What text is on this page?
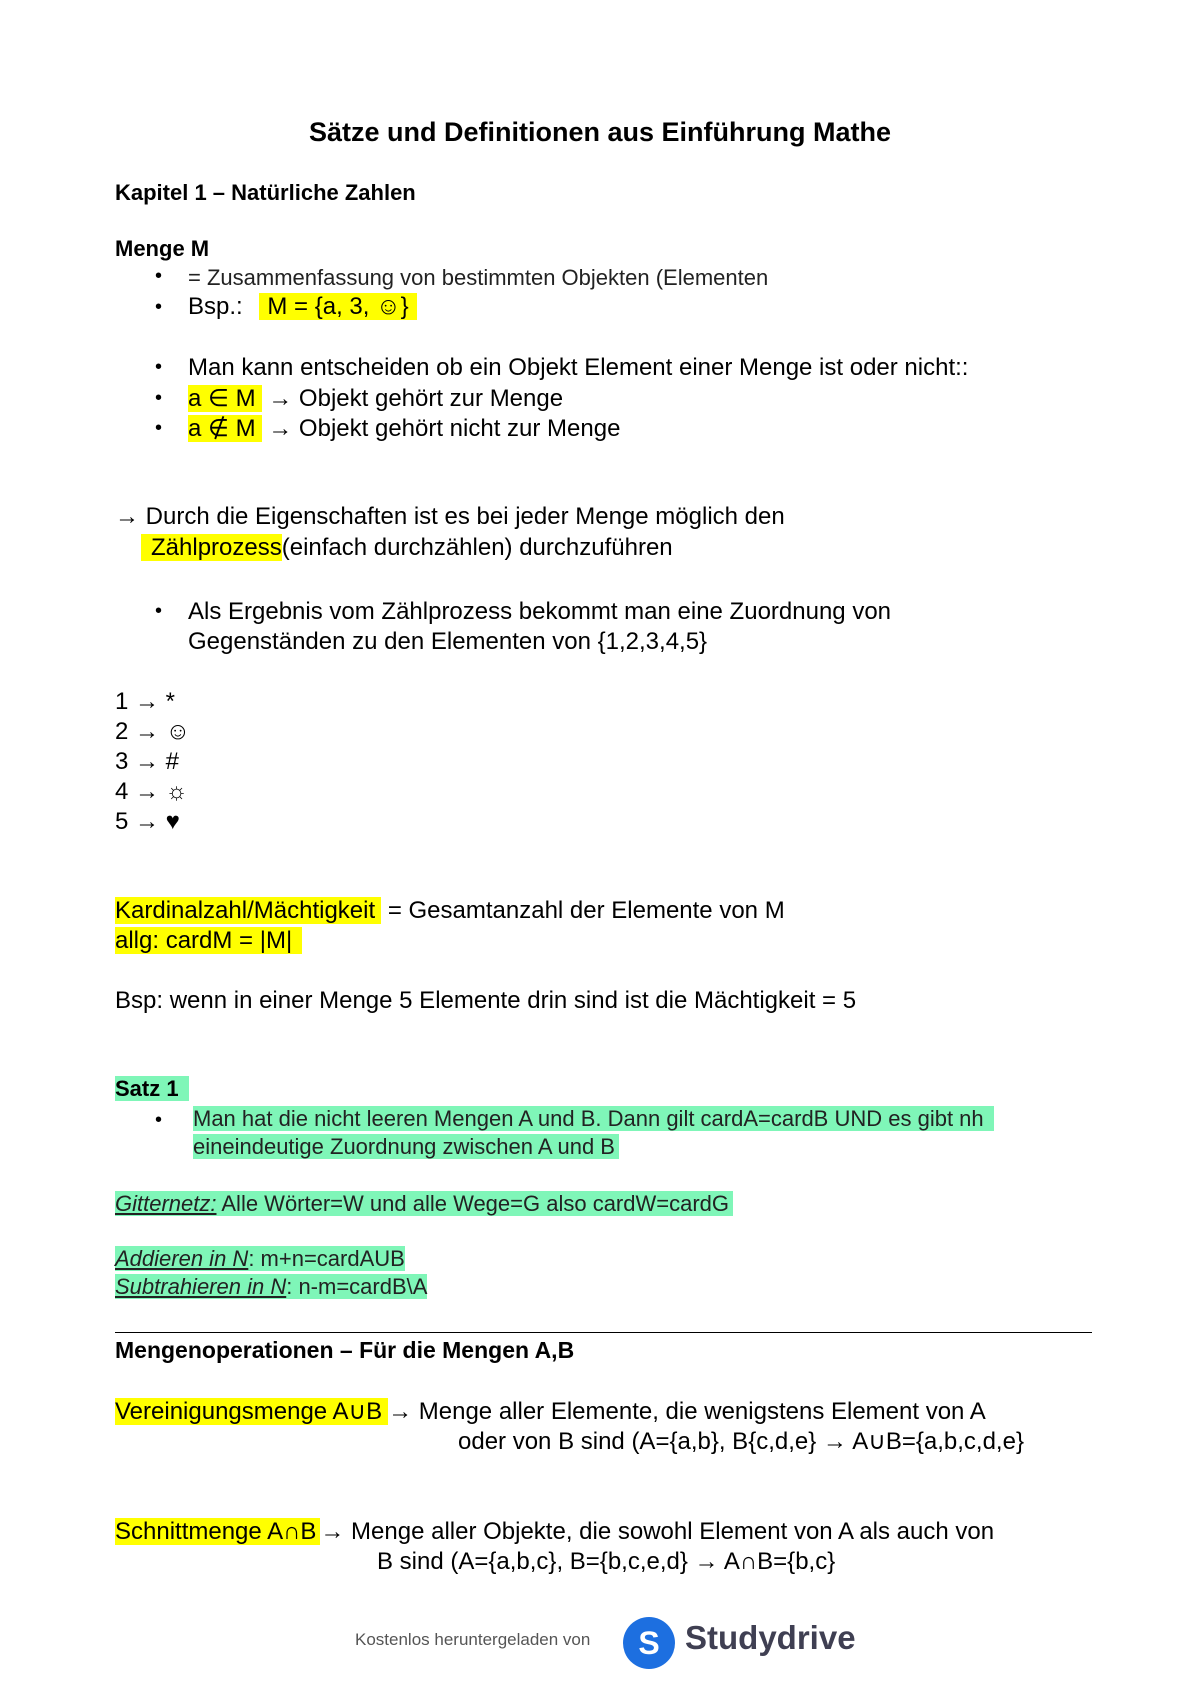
Sätze und Definitionen aus Einführung Mathe
Kapitel 1 – Natürliche Zahlen
Menge M
• = Zusammenfassung von bestimmten Objekten (Elementen
• Bsp.: M = {a, 3, ☺}
• Man kann entscheiden ob ein Objekt Element einer Menge ist oder nicht::
• a ∈ M → Objekt gehört zur Menge
• a ∉ M → Objekt gehört nicht zur Menge
→ Durch die Eigenschaften ist es bei jeder Menge möglich den
Zählprozess(einfach durchzählen) durchzuführen
• Als Ergebnis vom Zählprozess bekommt man eine Zuordnung von
Gegenständen zu den Elementen von {1,2,3,4,5}
1 → *
2 → ☺
3 → #
4 → ☼
5 → ♥
Kardinalzahl/Mächtigkeit = Gesamtanzahl der Elemente von M
allg: cardM = |M|
Bsp: wenn in einer Menge 5 Elemente drin sind ist die Mächtigkeit = 5
Satz 1
• Man hat die nicht leeren Mengen A und B. Dann gilt cardA=cardB UND es gibt nh
eineindeutige Zuordnung zwischen A und B
Gitternetz: Alle Wörter=W und alle Wege=G also cardW=cardG
Addieren in N: m+n=cardAUB
Subtrahieren in N: n-m=cardB\A
Mengenoperationen – Für die Mengen A,B
Vereinigungsmenge A∪B → Menge aller Elemente, die wenigstens Element von A
oder von B sind (A={a,b}, B{c,d,e} → A∪B={a,b,c,d,e}
Schnittmenge A∩B → Menge aller Objekte, die sowohl Element von A als auch von
B sind (A={a,b,c}, B={b,c,e,d} → A∩B={b,c}
Kostenlos heruntergeladen von S Studydrive
